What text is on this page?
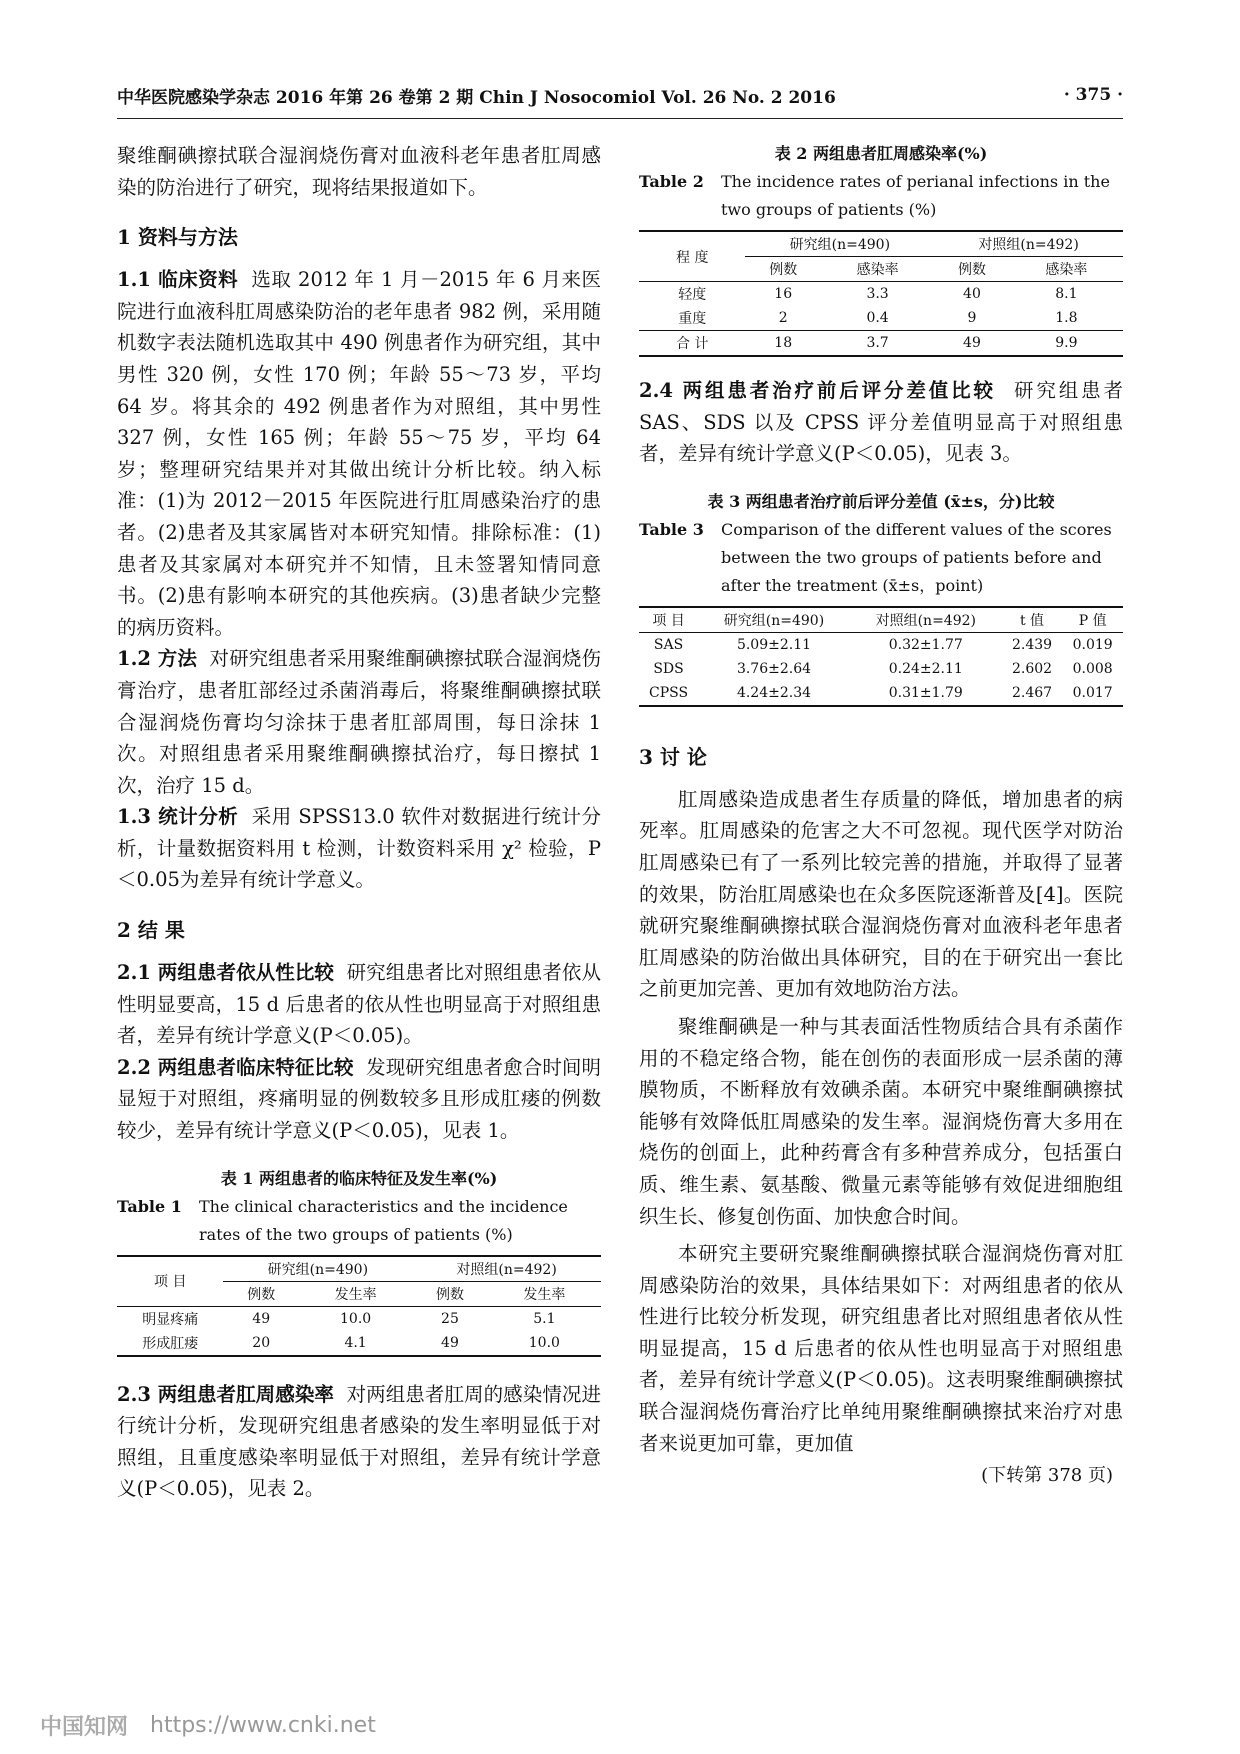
中华医院感染学杂志 2016 年第 26 卷第 2 期 Chin J Nosocomiol Vol. 26 No. 2 2016	· 375 ·

聚维酮碘擦拭联合湿润烧伤膏对血液科老年患者肛周感染的防治进行了研究，现将结果报道如下。

1 资料与方法

1.1 临床资料 选取 2012 年 1 月－2015 年 6 月来医院进行血液科肛周感染防治的老年患者 982 例，采用随机数字表法随机选取其中 490 例患者作为研究组，其中男性 320 例，女性 170 例；年龄 55～73 岁，平均 64 岁。将其余的 492 例患者作为对照组，其中男性 327 例，女性 165 例；年龄 55～75 岁，平均 64 岁；整理研究结果并对其做出统计分析比较。纳入标准：(1)为 2012－2015 年医院进行肛周感染治疗的患者。(2)患者及其家属皆对本研究知情。排除标准：(1)患者及其家属对本研究并不知情，且未签署知情同意书。(2)患有影响本研究的其他疾病。(3)患者缺少完整的病历资料。

1.2 方法 对研究组患者采用聚维酮碘擦拭联合湿润烧伤膏治疗，患者肛部经过杀菌消毒后，将聚维酮碘擦拭联合湿润烧伤膏均匀涂抹于患者肛部周围，每日涂抹 1 次。对照组患者采用聚维酮碘擦拭治疗，每日擦拭 1 次，治疗 15 d。

1.3 统计分析 采用 SPSS13.0 软件对数据进行统计分析，计量数据资料用 t 检测，计数资料采用 χ² 检验，P＜0.05为差异有统计学意义。

2 结 果

2.1 两组患者依从性比较 研究组患者比对照组患者依从性明显要高，15 d 后患者的依从性也明显高于对照组患者，差异有统计学意义(P＜0.05)。

2.2 两组患者临床特征比较 发现研究组患者愈合时间明显短于对照组，疼痛明显的例数较多且形成肛瘘的例数较少，差异有统计学意义(P＜0.05)，见表 1。

表 1 两组患者的临床特征及发生率(%)

Table 1	The clinical characteristics and the incidence rates of the two groups of patients (%)
项 目	研究组(n=490)		对照组(n=492)	
	例数	发生率	例数	发生率
明显疼痛	49	10.0	25	5.1
形成肛瘘	20	4.1	49	10.0

2.3 两组患者肛周感染率 对两组患者肛周的感染情况进行统计分析，发现研究组患者感染的发生率明显低于对照组，且重度感染率明显低于对照组，差异有统计学意义(P＜0.05)，见表 2。

表 2 两组患者肛周感染率(%)

Table 2	The incidence rates of perianal infections in the two groups of patients (%)
程 度	研究组(n=490)		对照组(n=492)	
	例数	感染率	例数	感染率
轻度	16	3.3	40	8.1
重度	2	0.4	9	1.8
合 计	18	3.7	49	9.9

2.4 两组患者治疗前后评分差值比较 研究组患者 SAS、SDS 以及 CPSS 评分差值明显高于对照组患者，差异有统计学意义(P＜0.05)，见表 3。

表 3 两组患者治疗前后评分差值 (x̄±s，分)比较

Table 3	Comparison of the different values of the scores between the two groups of patients before and after the treatment (x̄±s，point)
项 目	研究组(n=490)	对照组(n=492)	t 值	P 值
SAS	5.09±2.11	0.32±1.77	2.439	0.019
SDS	3.76±2.64	0.24±2.11	2.602	0.008
CPSS	4.24±2.34	0.31±1.79	2.467	0.017

3 讨 论

肛周感染造成患者生存质量的降低，增加患者的病死率。肛周感染的危害之大不可忽视。现代医学对防治肛周感染已有了一系列比较完善的措施，并取得了显著的效果，防治肛周感染也在众多医院逐渐普及[4]。医院就研究聚维酮碘擦拭联合湿润烧伤膏对血液科老年患者肛周感染的防治做出具体研究，目的在于研究出一套比之前更加完善、更加有效地防治方法。

聚维酮碘是一种与其表面活性物质结合具有杀菌作用的不稳定络合物，能在创伤的表面形成一层杀菌的薄膜物质，不断释放有效碘杀菌。本研究中聚维酮碘擦拭能够有效降低肛周感染的发生率。湿润烧伤膏大多用在烧伤的创面上，此种药膏含有多种营养成分，包括蛋白质、维生素、氨基酸、微量元素等能够有效促进细胞组织生长、修复创伤面、加快愈合时间。

本研究主要研究聚维酮碘擦拭联合湿润烧伤膏对肛周感染防治的效果，具体结果如下：对两组患者的依从性进行比较分析发现，研究组患者比对照组患者依从性明显提高，15 d 后患者的依从性也明显高于对照组患者，差异有统计学意义(P＜0.05)。这表明聚维酮碘擦拭联合湿润烧伤膏治疗比单纯用聚维酮碘擦拭来治疗对患者来说更加可靠，更加值

(下转第 378 页)

中国知网 https://www.cnki.net
